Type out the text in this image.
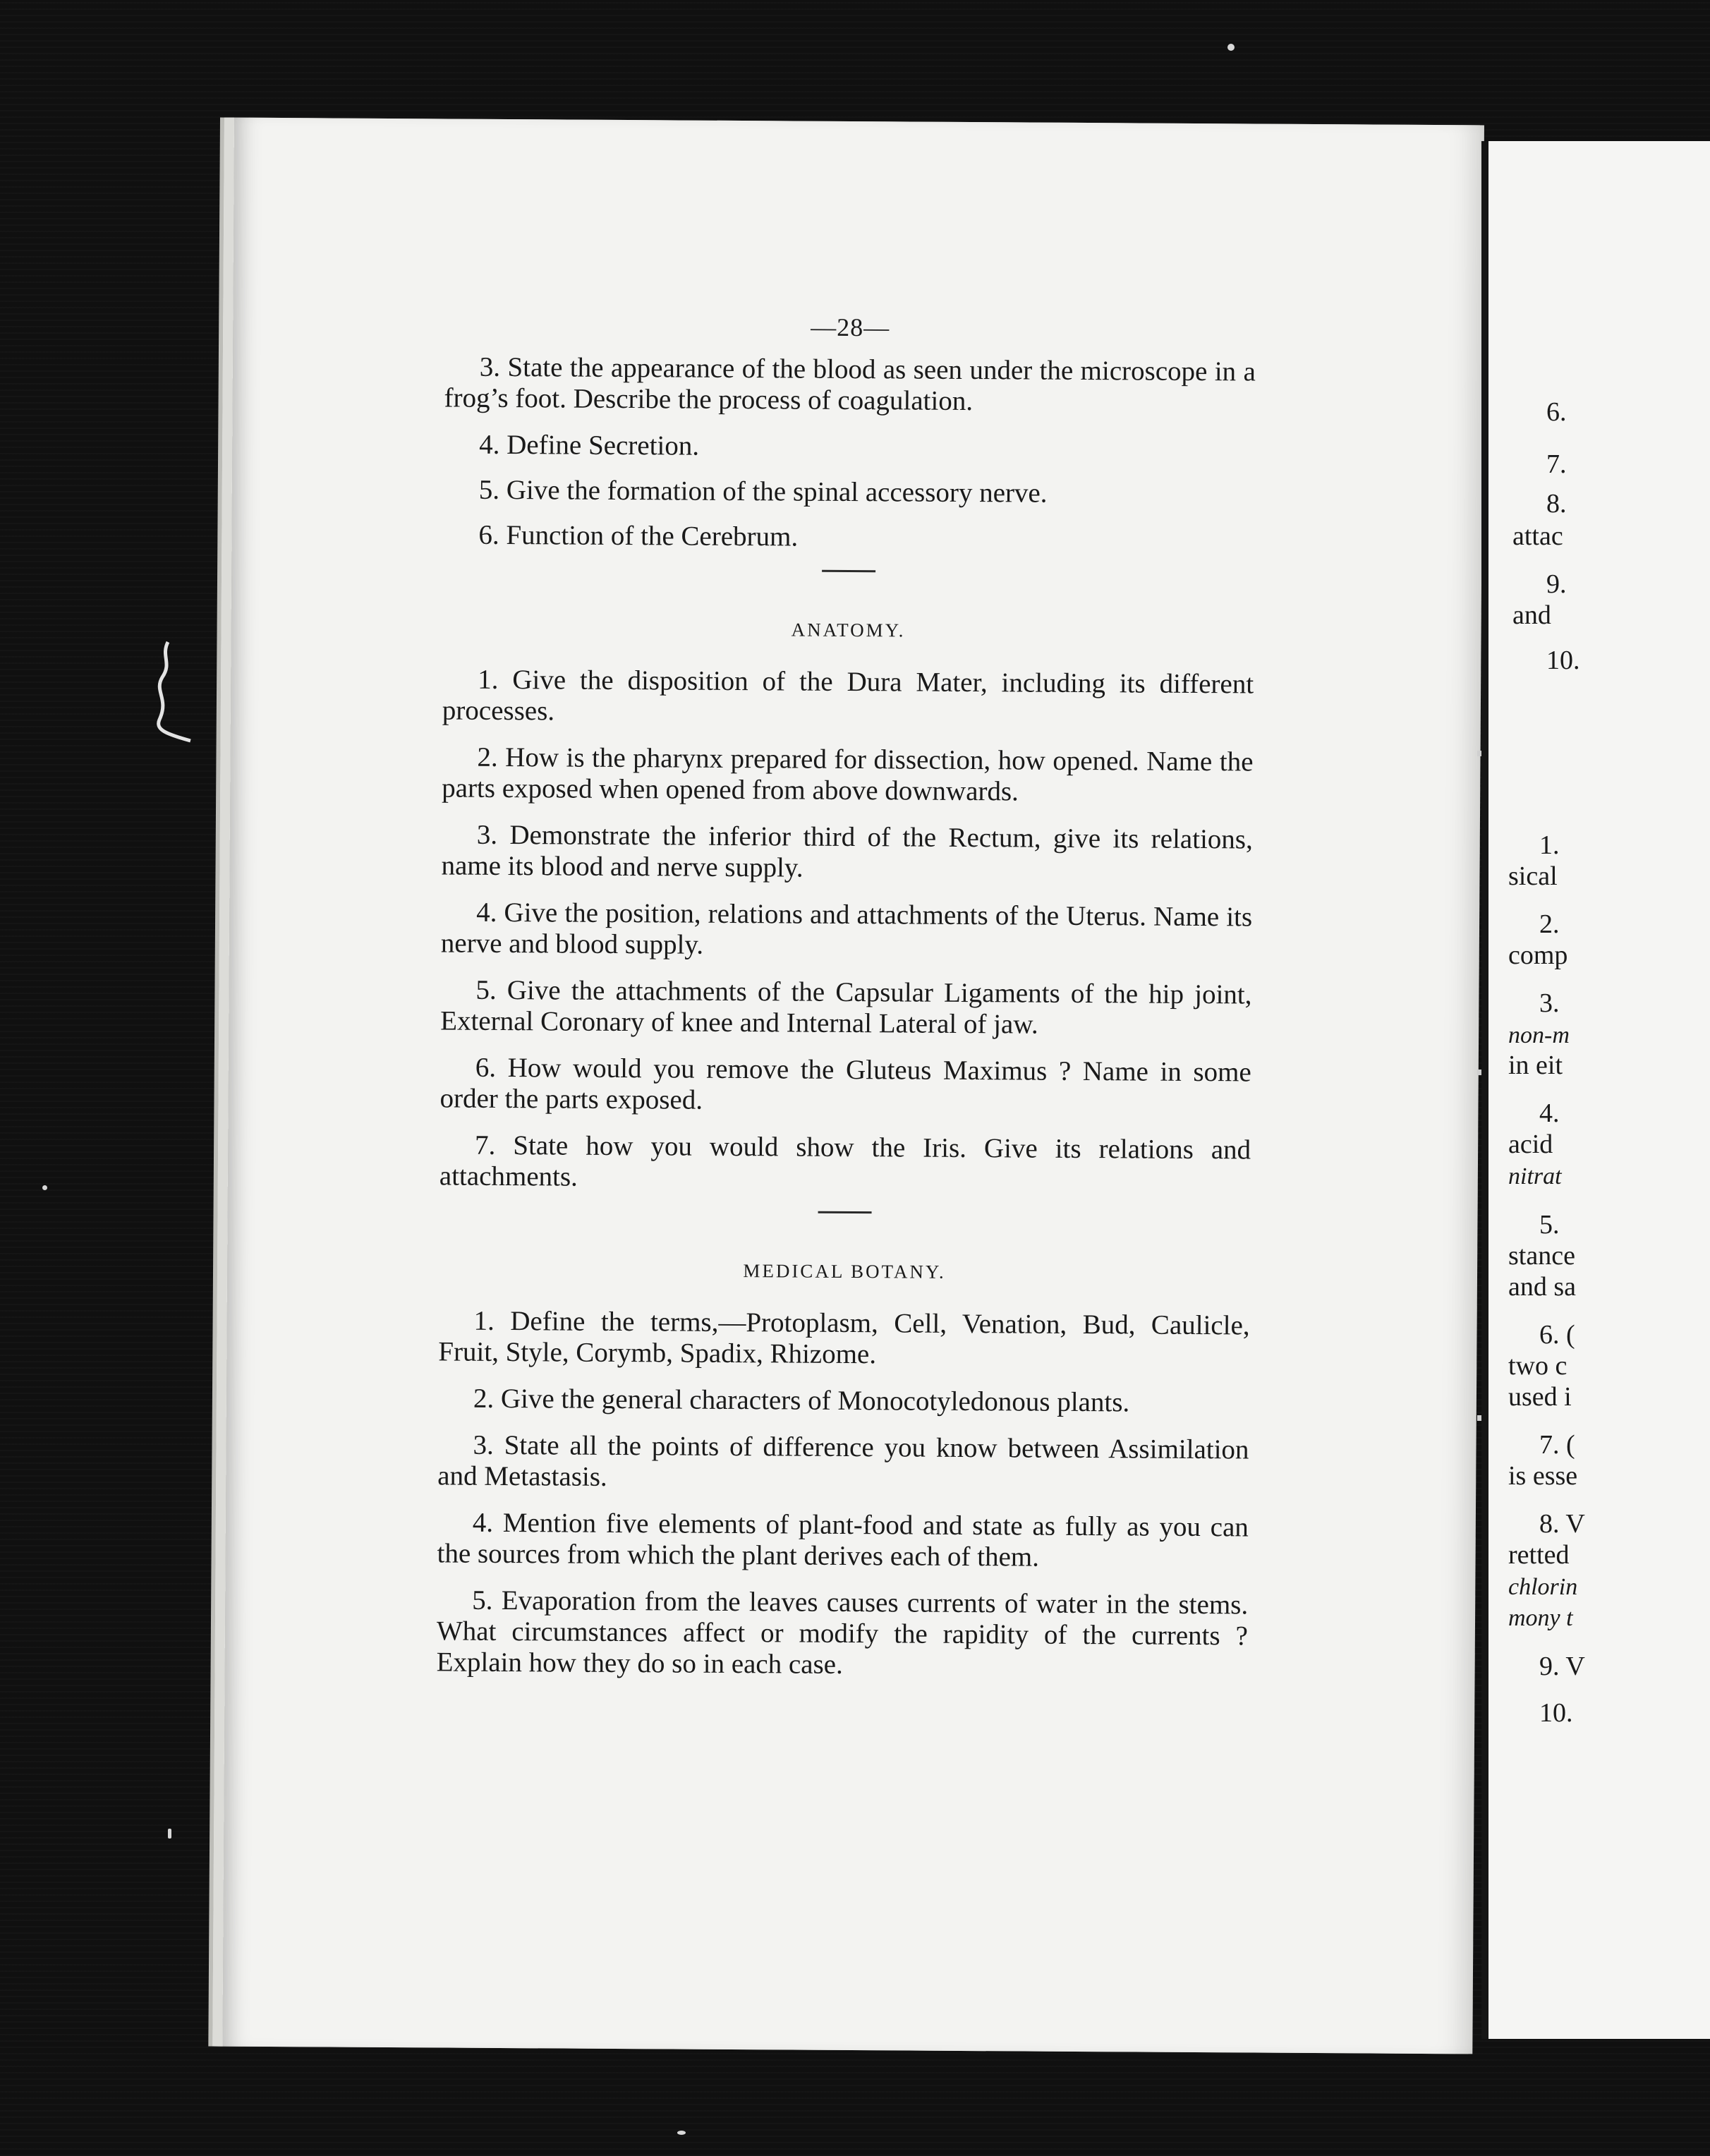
—28—

3. State the appearance of the blood as seen under the microscope in a frog’s foot. Describe the process of coagulation.

4. Define Secretion.

5. Give the formation of the spinal accessory nerve.

6. Function of the Cerebrum.

ANATOMY.

1. Give the disposition of the Dura Mater, including its different processes.

2. How is the pharynx prepared for dissection, how opened. Name the parts exposed when opened from above downwards.

3. Demonstrate the inferior third of the Rectum, give its relations, name its blood and nerve supply.

4. Give the position, relations and attachments of the Uterus. Name its nerve and blood supply.

5. Give the attachments of the Capsular Ligaments of the hip joint, External Coronary of knee and Internal Lateral of jaw.

6. How would you remove the Gluteus Maximus ? Name in some order the parts exposed.

7. State how you would show the Iris. Give its relations and attachments.

MEDICAL BOTANY.

1. Define the terms,—Protoplasm, Cell, Venation, Bud, Caulicle, Fruit, Style, Corymb, Spadix, Rhizome.

2. Give the general characters of Monocotyledonous plants.

3. State all the points of difference you know between Assimilation and Metastasis.

4. Mention five elements of plant-food and state as fully as you can the sources from which the plant derives each of them.

5. Evaporation from the leaves causes currents of water in the stems. What circumstances affect or modify the rapidity of the currents ? Explain how they do so in each case.

6.
7.
8.
attac
9.
and
10.
1.
sical
2.
comp
3.
non-m
in eit
4.
acid
nitrat
5.
stance
and sa
6. (
two c
used i
7. (
is esse
8. V
retted
chlorin
mony t
9. V
10.
